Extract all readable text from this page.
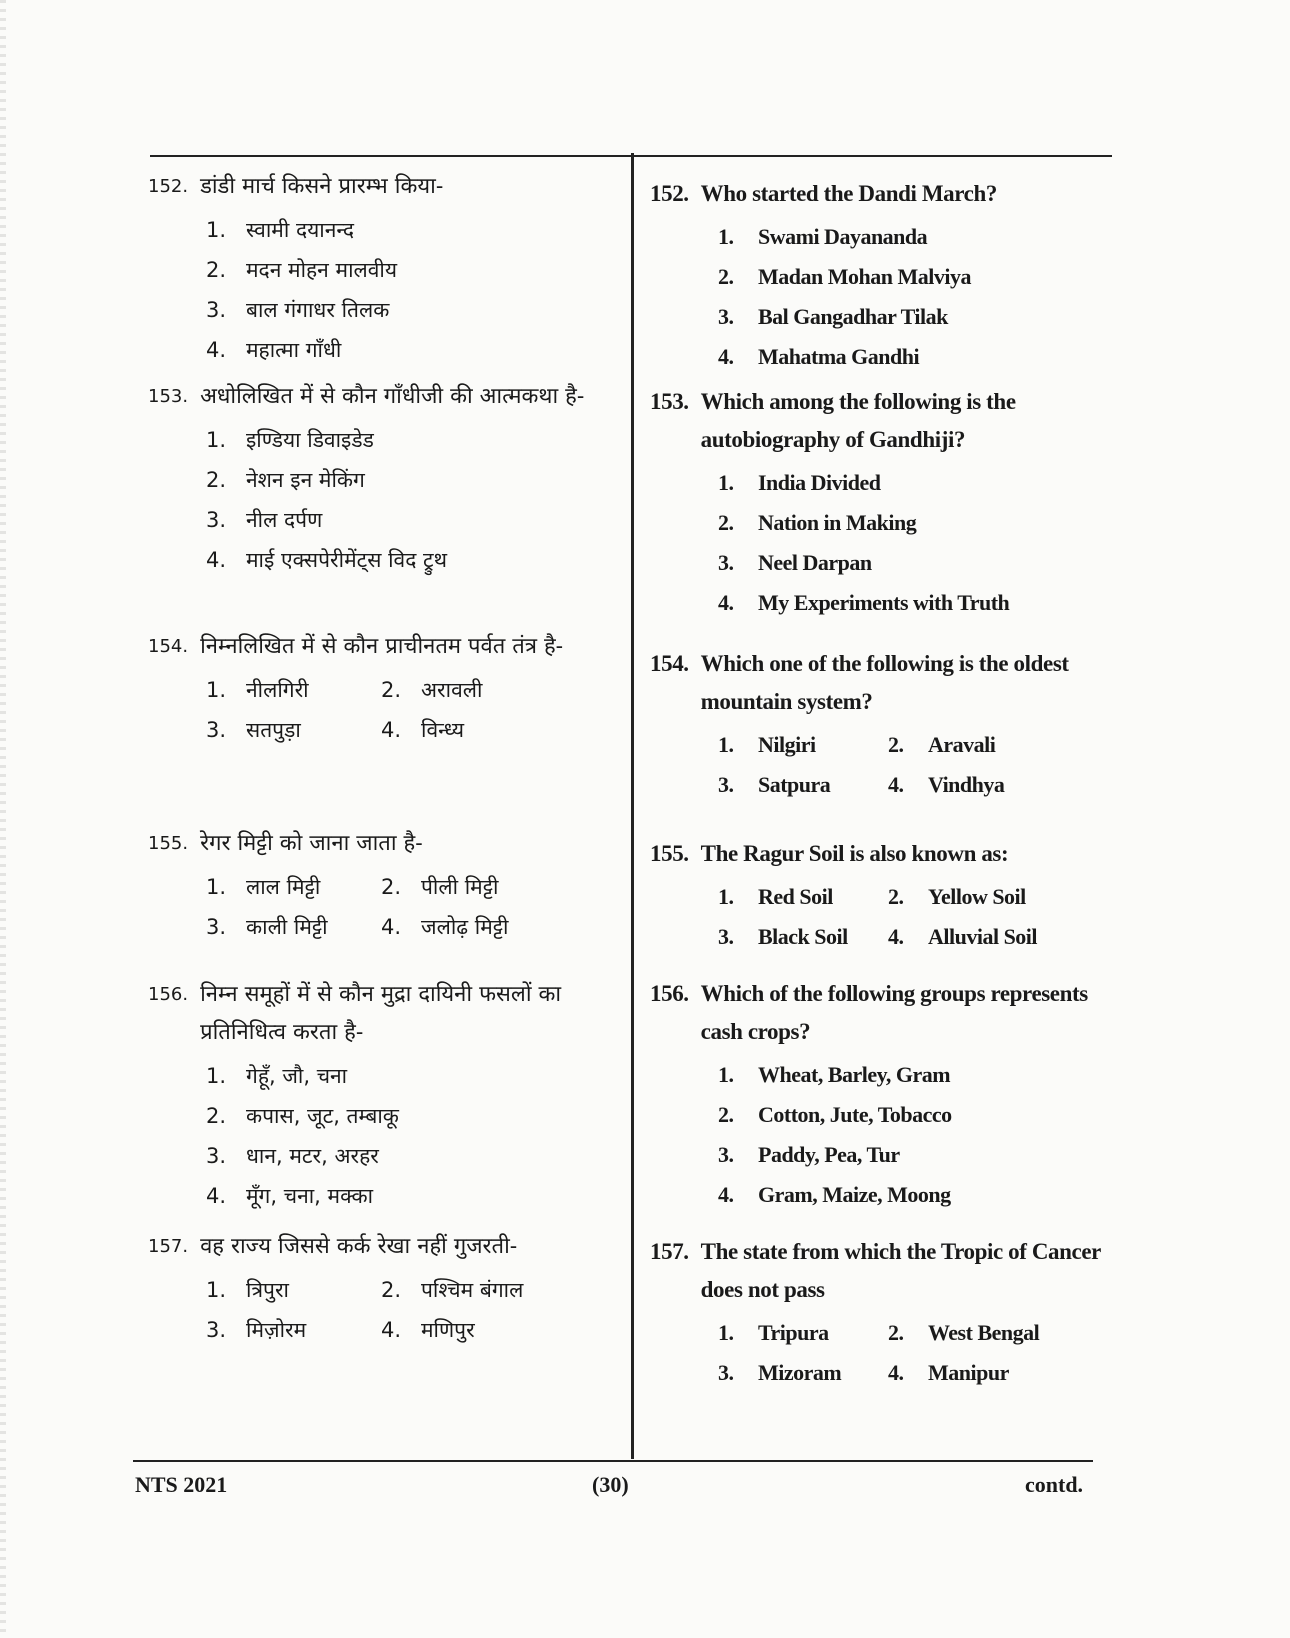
152. डांडी मार्च किसने प्रारम्भ किया-
1. स्वामी दयानन्द
2. मदन मोहन मालवीय
3. बाल गंगाधर तिलक
4. महात्मा गाँधी
153. अधोलिखित में से कौन गाँधीजी की आत्मकथा है-
1. इण्डिया डिवाइडेड
2. नेशन इन मेकिंग
3. नील दर्पण
4. माई एक्सपेरीमेंट्स विद ट्रुथ
154. निम्नलिखित में से कौन प्राचीनतम पर्वत तंत्र है-
1. नीलगिरी	2. अरावली
3. सतपुड़ा	4. विन्ध्य
155. रेगर मिट्टी को जाना जाता है-
1. लाल मिट्टी	2. पीली मिट्टी
3. काली मिट्टी	4. जलोढ़ मिट्टी
156. निम्न समूहों में से कौन मुद्रा दायिनी फसलों का प्रतिनिधित्व करता है-
1. गेहूँ, जौ, चना
2. कपास, जूट, तम्बाकू
3. धान, मटर, अरहर
4. मूँग, चना, मक्का
157. वह राज्य जिससे कर्क रेखा नहीं गुजरती-
1. त्रिपुरा	2. पश्चिम बंगाल
3. मिज़ोरम	4. मणिपुर
152. Who started the Dandi March?
1.	Swami Dayananda
2.	Madan Mohan Malviya
3.	Bal Gangadhar Tilak
4.	Mahatma Gandhi
153. Which among the following is the autobiography of Gandhiji?
1.	India Divided
2.	Nation in Making
3.	Neel Darpan
4.	My Experiments with Truth
154. Which one of the following is the oldest mountain system?
1.	Nilgiri	2.	Aravali
3.	Satpura	4.	Vindhya
155. The Ragur Soil is also known as:
1.	Red Soil	2.	Yellow Soil
3.	Black Soil 4.	Alluvial Soil
156. Which of the following groups represents cash crops?
1.	Wheat, Barley, Gram
2.	Cotton, Jute, Tobacco
3.	Paddy, Pea, Tur
4.	Gram, Maize, Moong
157. The state from which the Tropic of Cancer does not pass
1.	Tripura	2.	West Bengal
3.	Mizoram 4.	Manipur
NTS 2021	(30)	contd.
